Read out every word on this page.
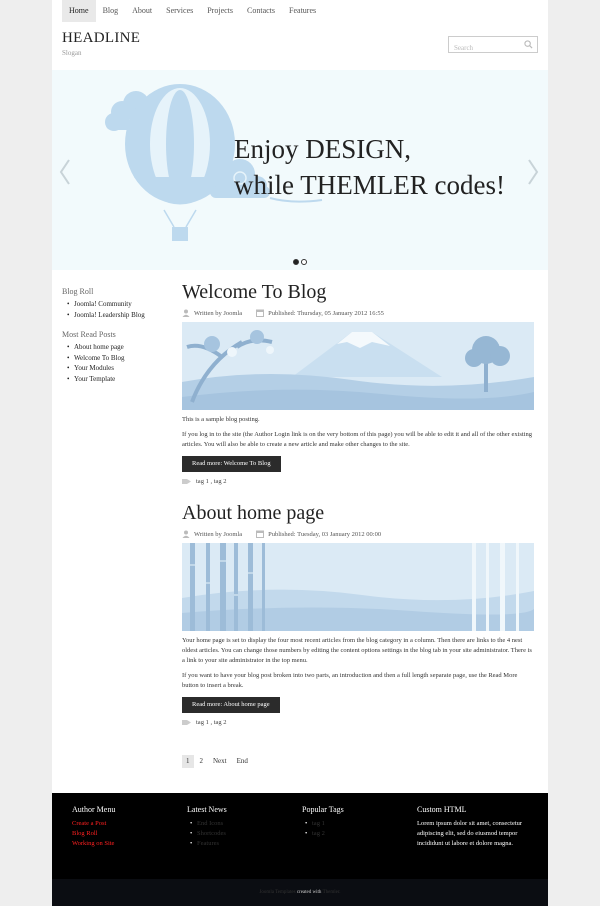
Home	Blog	About	Services	Projects	Contacts	Features
HEADLINE
Slogan
Search
Enjoy DESIGN,
while THEMLER codes!
Blog Roll
• Joomla! Community
• Joomla! Leadership Blog
Most Read Posts
• About home page
• Welcome To Blog
• Your Modules
• Your Template
Welcome To Blog
Written by Joomla	Published: Thursday, 05 January 2012 16:55

This is a sample blog posting.

If you log in to the site (the Author Login link is on the very bottom of this page) you will be able to edit it and all of the other existing articles. You will also be able to create a new article and make other changes to the site.

Read more: Welcome To Blog
tag 1 , tag 2
About home page
Written by Joomla	Published: Tuesday, 03 January 2012 00:00

Your home page is set to display the four most recent articles from the blog category in a column. Then there are links to the 4 nest oldest articles. You can change those numbers by editing the content options settings in the blog tab in your site administrator. There is a link to your site administrator in the top menu.

If you want to have your blog post broken into two parts, an introduction and then a full length separate page, use the Read More button to insert a break.

Read more: About home page
tag 1 , tag 2
1	2	Next	End
Author Menu
Create a Post
Blog Roll
Working on Site
Latest News
• End Icons
• Shortcodes
• Features
Popular Tags
• tag 1
• tag 2
Custom HTML

Lorem ipsum dolor sit amet, consectetur adipiscing elit, sed do eiusmod tempor incididunt ut labore et dolore magna.

Joomla Templates created with Themler.
